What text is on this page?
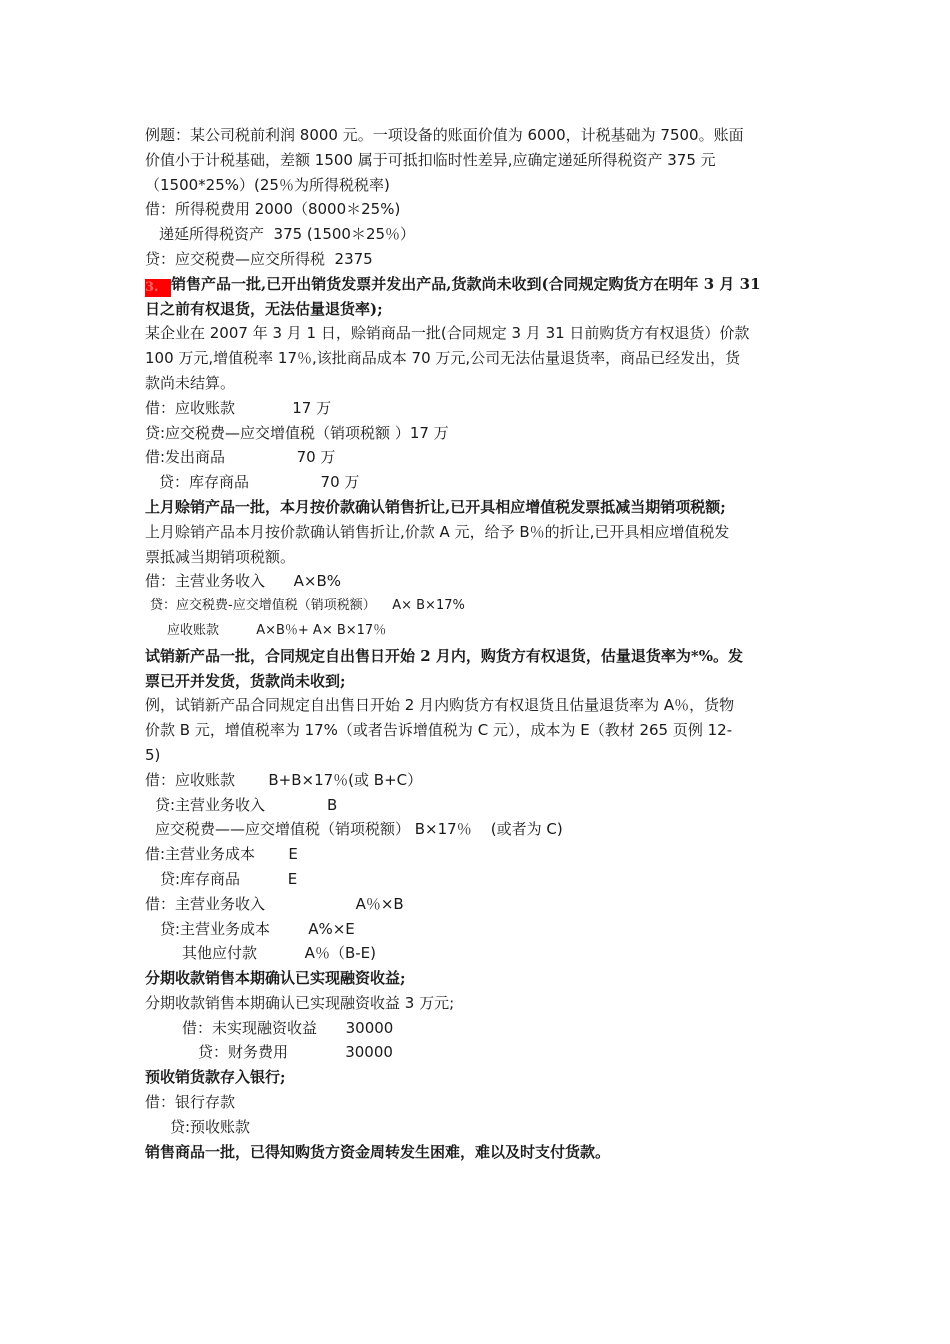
例题：某公司税前利润 8000 元。一项设备的账面价值为 6000，计税基础为 7500。账面
价值小于计税基础，差额 1500 属于可抵扣临时性差异,应确定递延所得税资产 375 元
（1500*25%）(25％为所得税税率)
借：所得税费用 2000（8000＊25%)
递延所得税资产  375 (1500＊25％）
贷：应交税费—应交所得税  2375
3. 销售产品一批,已开出销货发票并发出产品,货款尚未收到(合同规定购货方在明年 3 月 31
日之前有权退货，无法估量退货率);
某企业在 2007 年 3 月 1 日，赊销商品一批(合同规定 3 月 31 日前购货方有权退货）价款
100 万元,增值税率 17％,该批商品成本 70 万元,公司无法估量退货率，商品已经发出，货
款尚未结算。
借：应收账款            17 万
贷:应交税费—应交增值税（销项税额 ）17 万
借:发出商品               70 万
贷：库存商品               70 万
上月赊销产品一批，本月按价款确认销售折让,已开具相应增值税发票抵减当期销项税额;
上月赊销产品本月按价款确认销售折让,价款 A 元，给予 B％的折让,已开具相应增值税发
票抵减当期销项税额。
借：主营业务收入      A×B%
贷：应交税费-应交增值税（销项税额）    A× B×17%
应收账款         A×B％+ A× B×17％
试销新产品一批，合同规定自出售日开始 2 月内，购货方有权退货，估量退货率为*%。发
票已开并发货，货款尚未收到;
例，试销新产品合同规定自出售日开始 2 月内购货方有权退货且估量退货率为 A％，货物
价款 B 元，增值税率为 17%（或者告诉增值税为 C 元），成本为 E（教材 265 页例 12-
5)
借：应收账款       B+B×17％(或 B+C）
贷:主营业务收入             B
应交税费——应交增值税（销项税额） B×17％    (或者为 C)
借:主营业务成本       E
贷:库存商品          E
借：主营业务收入                   A％×B
贷:主营业务成本        A%×E
其他应付款          A％（B-E)
分期收款销售本期确认已实现融资收益;
分期收款销售本期确认已实现融资收益 3 万元;
借：未实现融资收益      30000
贷：财务费用            30000
预收销货款存入银行;
借：银行存款
贷:预收账款
销售商品一批，已得知购货方资金周转发生困难，难以及时支付货款。
